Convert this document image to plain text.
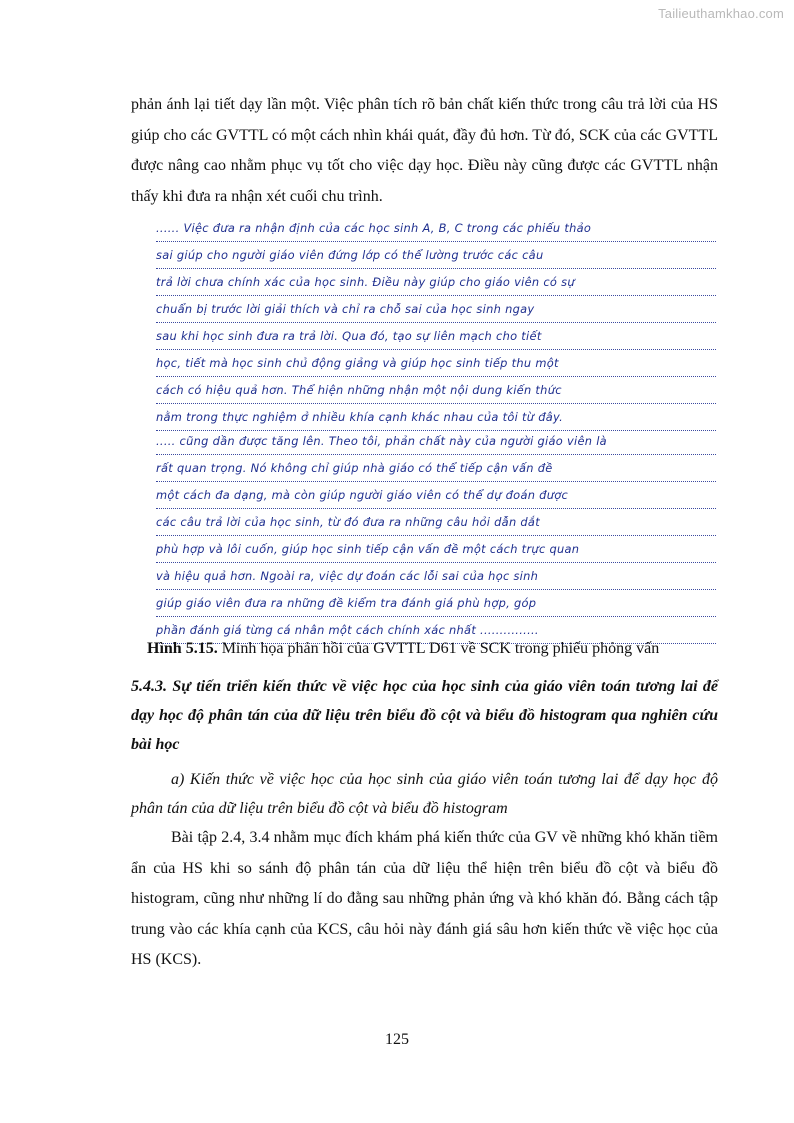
Tailieuthamkhao.com

phản ánh lại tiết dạy lần một. Việc phân tích rõ bản chất kiến thức trong câu trả lời của HS giúp cho các GVTTL có một cách nhìn khái quát, đầy đủ hơn. Từ đó, SCK của các GVTTL được nâng cao nhằm phục vụ tốt cho việc dạy học. Điều này cũng được các GVTTL nhận thấy khi đưa ra nhận xét cuối chu trình.

...... Việc đưa ra nhận định của các học sinh A, B, C trong các phiếu thảo
sai giúp cho người giáo viên đứng lớp có thể lường trước các câu
trả lời chưa chính xác của học sinh. Điều này giúp cho giáo viên có sự
chuẩn bị trước lời giải thích và chỉ ra chỗ sai của học sinh ngay
sau khi học sinh đưa ra trả lời. Qua đó, tạo sự liên mạch cho tiết
học, tiết mà học sinh chủ động giảng và giúp học sinh tiếp thu một
cách có hiệu quả hơn. Thể hiện những nhận một nội dung kiến thức
nằm trong thực nghiệm ở nhiều khía cạnh khác nhau của tôi từ đây.
..... cũng dần được tăng lên. Theo tôi, phản chất này của người giáo viên là
rất quan trọng. Nó không chỉ giúp nhà giáo có thể tiếp cận vấn đề
một cách đa dạng, mà còn giúp người giáo viên có thể dự đoán được
các câu trả lời của học sinh, từ đó đưa ra những câu hỏi dẫn dắt
phù hợp và lôi cuốn, giúp học sinh tiếp cận vấn đề một cách trực quan
và hiệu quả hơn. Ngoài ra, việc dự đoán các lỗi sai của học sinh
giúp giáo viên đưa ra những đề kiểm tra đánh giá phù hợp, góp
phần đánh giá từng cá nhân một cách chính xác nhất ...............

Hình 5.15. Minh họa phản hồi của GVTTL D61 về SCK trong phiếu phỏng vấn

5.4.3. Sự tiến triển kiến thức về việc học của học sinh của giáo viên toán tương lai để dạy học độ phân tán của dữ liệu trên biểu đồ cột và biểu đồ histogram qua nghiên cứu bài học

a) Kiến thức về việc học của học sinh của giáo viên toán tương lai để dạy học độ phân tán của dữ liệu trên biểu đồ cột và biểu đồ histogram

Bài tập 2.4, 3.4 nhằm mục đích khám phá kiến thức của GV về những khó khăn tiềm ẩn của HS khi so sánh độ phân tán của dữ liệu thể hiện trên biểu đồ cột và biểu đồ histogram, cũng như những lí do đằng sau những phản ứng và khó khăn đó. Bằng cách tập trung vào các khía cạnh của KCS, câu hỏi này đánh giá sâu hơn kiến thức về việc học của HS (KCS).

125
